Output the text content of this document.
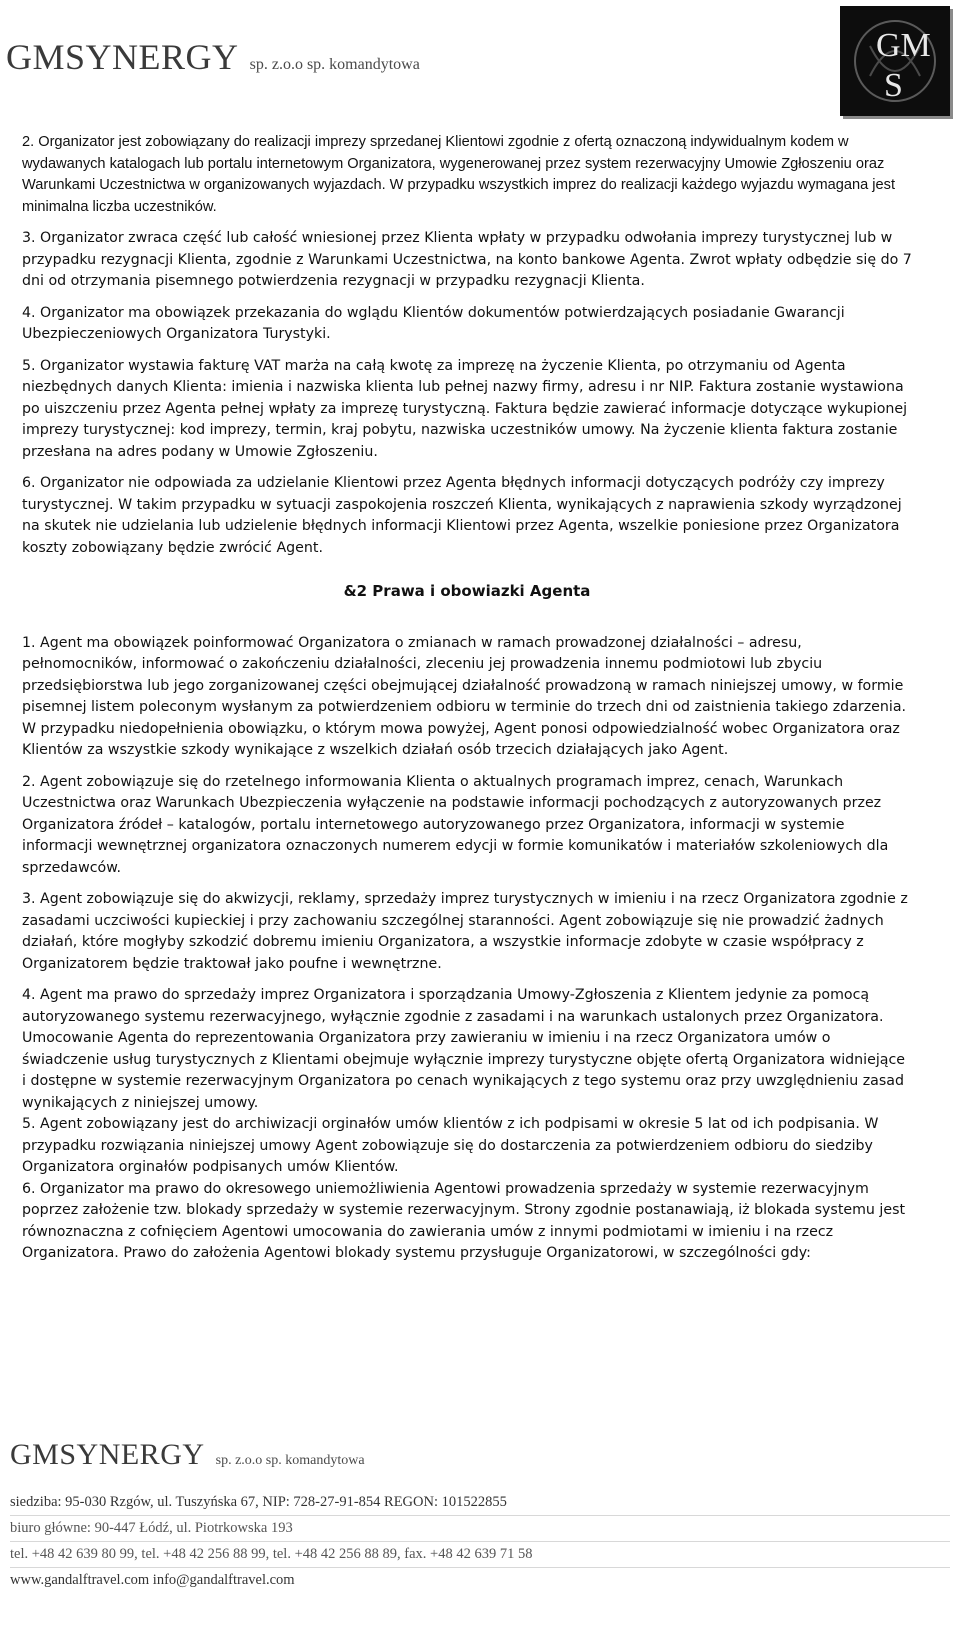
GMSYNERGY sp. z.o.o sp. komandytowa
GM
S

2. Organizator jest zobowiązany do realizacji imprezy sprzedanej Klientowi zgodnie z ofertą oznaczoną indywidualnym kodem w wydawanych katalogach lub portalu internetowym Organizatora, wygenerowanej przez system rezerwacyjny Umowie Zgłoszeniu oraz Warunkami Uczestnictwa w organizowanych wyjazdach. W przypadku wszystkich imprez do realizacji każdego wyjazdu wymagana jest minimalna liczba uczestników.

3. Organizator zwraca część lub całość wniesionej przez Klienta wpłaty w przypadku odwołania imprezy turystycznej lub w przypadku rezygnacji Klienta, zgodnie z Warunkami Uczestnictwa, na konto bankowe Agenta. Zwrot wpłaty odbędzie się do 7 dni od otrzymania pisemnego potwierdzenia rezygnacji w przypadku rezygnacji Klienta.

4. Organizator ma obowiązek przekazania do wglądu Klientów dokumentów potwierdzających posiadanie Gwarancji Ubezpieczeniowych Organizatora Turystyki.

5. Organizator wystawia fakturę VAT marża na całą kwotę za imprezę na życzenie Klienta, po otrzymaniu od Agenta niezbędnych danych Klienta: imienia i nazwiska klienta lub pełnej nazwy firmy, adresu i nr NIP. Faktura zostanie wystawiona po uiszczeniu przez Agenta pełnej wpłaty za imprezę turystyczną. Faktura będzie zawierać informacje dotyczące wykupionej imprezy turystycznej: kod imprezy, termin, kraj pobytu, nazwiska uczestników umowy. Na życzenie klienta faktura zostanie przesłana na adres podany w Umowie Zgłoszeniu.

6. Organizator nie odpowiada za udzielanie Klientowi przez Agenta błędnych informacji dotyczących podróży czy imprezy turystycznej. W takim przypadku w sytuacji zaspokojenia roszczeń Klienta, wynikających z naprawienia szkody wyrządzonej na skutek nie udzielania lub udzielenie błędnych informacji Klientowi przez Agenta, wszelkie poniesione przez Organizatora koszty zobowiązany będzie zwrócić Agent.

&2 Prawa i obowiazki Agenta

1. Agent ma obowiązek poinformować Organizatora o zmianach w ramach prowadzonej działalności – adresu, pełnomocników, informować o zakończeniu działalności, zleceniu jej prowadzenia innemu podmiotowi lub zbyciu przedsiębiorstwa lub jego zorganizowanej części obejmującej działalność prowadzoną w ramach niniejszej umowy, w formie pisemnej listem poleconym wysłanym za potwierdzeniem odbioru w terminie do trzech dni od zaistnienia takiego zdarzenia. W przypadku niedopełnienia obowiązku, o którym mowa powyżej, Agent ponosi odpowiedzialność wobec Organizatora oraz Klientów za wszystkie szkody wynikające z wszelkich działań osób trzecich działających jako Agent.

2. Agent zobowiązuje się do rzetelnego informowania Klienta o aktualnych programach imprez, cenach, Warunkach Uczestnictwa oraz Warunkach Ubezpieczenia wyłączenie na podstawie informacji pochodzących z autoryzowanych przez Organizatora źródeł – katalogów, portalu internetowego autoryzowanego przez Organizatora, informacji w systemie informacji wewnętrznej organizatora oznaczonych numerem edycji w formie komunikatów i materiałów szkoleniowych dla sprzedawców.

3. Agent zobowiązuje się do akwizycji, reklamy, sprzedaży imprez turystycznych w imieniu i na rzecz Organizatora zgodnie z zasadami uczciwości kupieckiej i przy zachowaniu szczególnej staranności. Agent zobowiązuje się nie prowadzić żadnych działań, które mogłyby szkodzić dobremu imieniu Organizatora, a wszystkie informacje zdobyte w czasie współpracy z Organizatorem będzie traktował jako poufne i wewnętrzne.

4. Agent ma prawo do sprzedaży imprez Organizatora i sporządzania Umowy-Zgłoszenia z Klientem jedynie za pomocą autoryzowanego systemu rezerwacyjnego, wyłącznie zgodnie z zasadami i na warunkach ustalonych przez Organizatora. Umocowanie Agenta do reprezentowania Organizatora przy zawieraniu w imieniu i na rzecz Organizatora umów o świadczenie usług turystycznych z Klientami obejmuje wyłącznie imprezy turystyczne objęte ofertą Organizatora widniejące i dostępne w systemie rezerwacyjnym Organizatora po cenach wynikających z tego systemu oraz przy uwzględnieniu zasad wynikających z niniejszej umowy.

5. Agent zobowiązany jest do archiwizacji orginałów umów klientów z ich podpisami w okresie 5 lat od ich podpisania. W przypadku rozwiązania niniejszej umowy Agent zobowiązuje się do dostarczenia za potwierdzeniem odbioru do siedziby Organizatora orginałów podpisanych umów Klientów.

6. Organizator ma prawo do okresowego uniemożliwienia Agentowi prowadzenia sprzedaży w systemie rezerwacyjnym poprzez założenie tzw. blokady sprzedaży w systemie rezerwacyjnym. Strony zgodnie postanawiają, iż blokada systemu jest równoznaczna z cofnięciem Agentowi umocowania do zawierania umów z innymi podmiotami w imieniu i na rzecz Organizatora. Prawo do założenia Agentowi blokady systemu przysługuje Organizatorowi, w szczególności gdy:

GMSYNERGY sp. z.o.o sp. komandytowa
siedziba: 95-030 Rzgów, ul. Tuszyńska 67, NIP: 728-27-91-854 REGON: 101522855
biuro główne: 90-447 Łódź, ul. Piotrkowska 193
tel. +48 42 639 80 99, tel. +48 42 256 88 99, tel. +48 42 256 88 89, fax. +48 42 639 71 58
www.gandalftravel.com info@gandalftravel.com
